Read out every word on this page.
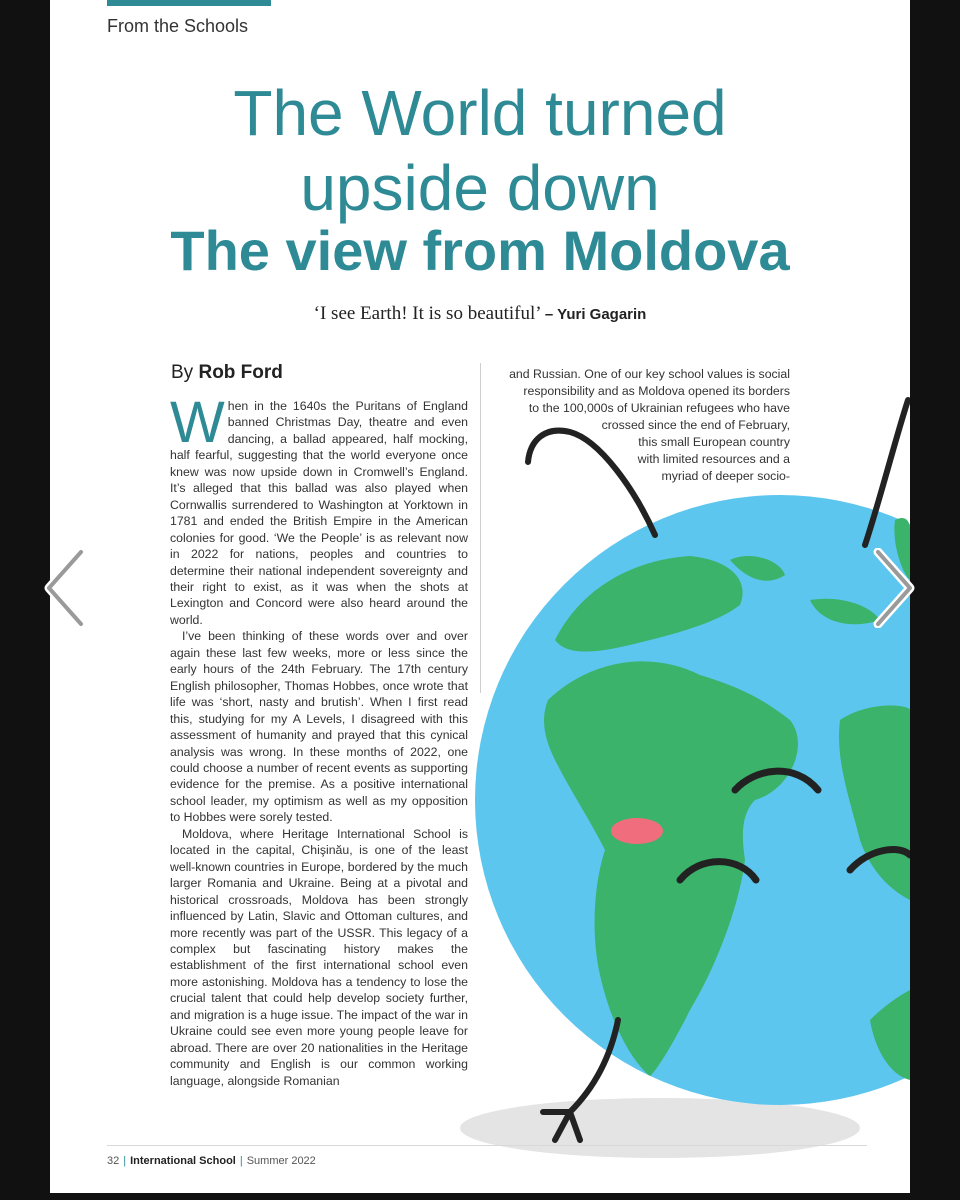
From the Schools
The World turned
upside down
The view from Moldova
‘I see Earth! It is so beautiful’ – Yuri Gagarin
By Rob Ford

When in the 1640s the Puritans of England banned Christmas Day, theatre and even dancing, a ballad appeared, half mocking, half fearful, suggesting that the world everyone once knew was now upside down in Cromwell’s England. It’s alleged that this ballad was also played when Cornwallis surrendered to Washington at Yorktown in 1781 and ended the British Empire in the American colonies for good. ‘We the People’ is as relevant now in 2022 for nations, peoples and countries to determine their national independent sovereignty and their right to exist, as it was when the shots at Lexington and Concord were also heard around the world.

I’ve been thinking of these words over and over again these last few weeks, more or less since the early hours of the 24th February. The 17th century English philosopher, Thomas Hobbes, once wrote that life was ‘short, nasty and brutish’. When I first read this, studying for my A Levels, I disagreed with this assessment of humanity and prayed that this cynical analysis was wrong. In these months of 2022, one could choose a number of recent events as supporting evidence for the premise. As a positive international school leader, my optimism as well as my opposition to Hobbes were sorely tested.

Moldova, where Heritage International School is located in the capital, Chişinău, is one of the least well-known countries in Europe, bordered by the much larger Romania and Ukraine. Being at a pivotal and historical crossroads, Moldova has been strongly influenced by Latin, Slavic and Ottoman cultures, and more recently was part of the USSR. This legacy of a complex but fascinating history makes the establishment of the first international school even more astonishing. Moldova has a tendency to lose the crucial talent that could help develop society further, and migration is a huge issue. The impact of the war in Ukraine could see even more young people leave for abroad. There are over 20 nationalities in the Heritage community and English is our common working language, alongside Romanian

and Russian. One of our key school values is social
responsibility and as Moldova opened its borders
to the 100,000s of Ukrainian refugees who have
crossed since the end of February,
this small European country
with limited resources and a
myriad of deeper socio-
32 | International School | Summer 2022
